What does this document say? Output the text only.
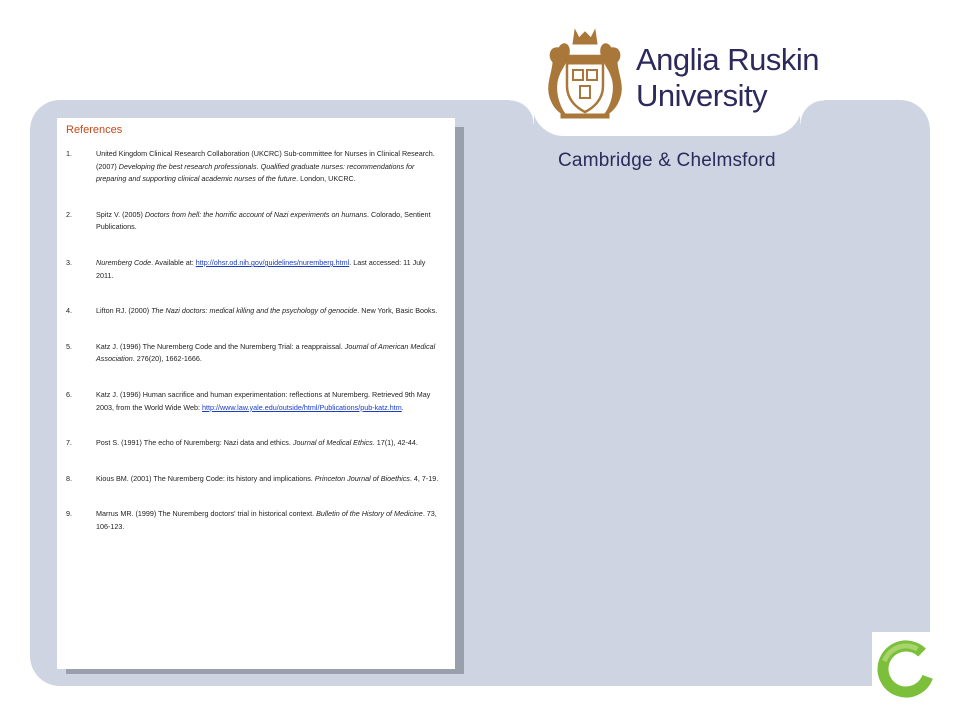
Anglia Ruskin
University
Cambridge & Chelmsford
References
1.	United Kingdom Clinical Research Collaboration (UKCRC) Sub-committee for Nurses in Clinical Research. (2007) Developing the best research professionals. Qualified graduate nurses: recommendations for preparing and supporting clinical academic nurses of the future. London, UKCRC.
2.	Spitz V. (2005) Doctors from hell: the horrific account of Nazi experiments on humans. Colorado, Sentient Publications.
3.	Nuremberg Code. Available at: http://ohsr.od.nih.gov/guidelines/nuremberg.html. Last accessed: 11 July 2011.
4.	Lifton RJ. (2000) The Nazi doctors: medical killing and the psychology of genocide. New York, Basic Books.
5.	Katz J. (1996) The Nuremberg Code and the Nuremberg Trial: a reappraissal. Journal of American Medical Association. 276(20), 1662-1666.
6.	Katz J. (1996) Human sacrifice and human experimentation: reflections at Nuremberg. Retrieved 9th May 2003, from the World Wide Web: http://www.law.yale.edu/outside/html/Publications/pub-katz.htm.
7.	Post S. (1991) The echo of Nuremberg: Nazi data and ethics. Journal of Medical Ethics. 17(1), 42-44.
8.	Kious BM. (2001) The Nuremberg Code: its history and implications. Princeton Journal of Bioethics. 4, 7-19.
9.	Marrus MR. (1999) The Nuremberg doctors' trial in historical context. Bulletin of the History of Medicine. 73, 106-123.
